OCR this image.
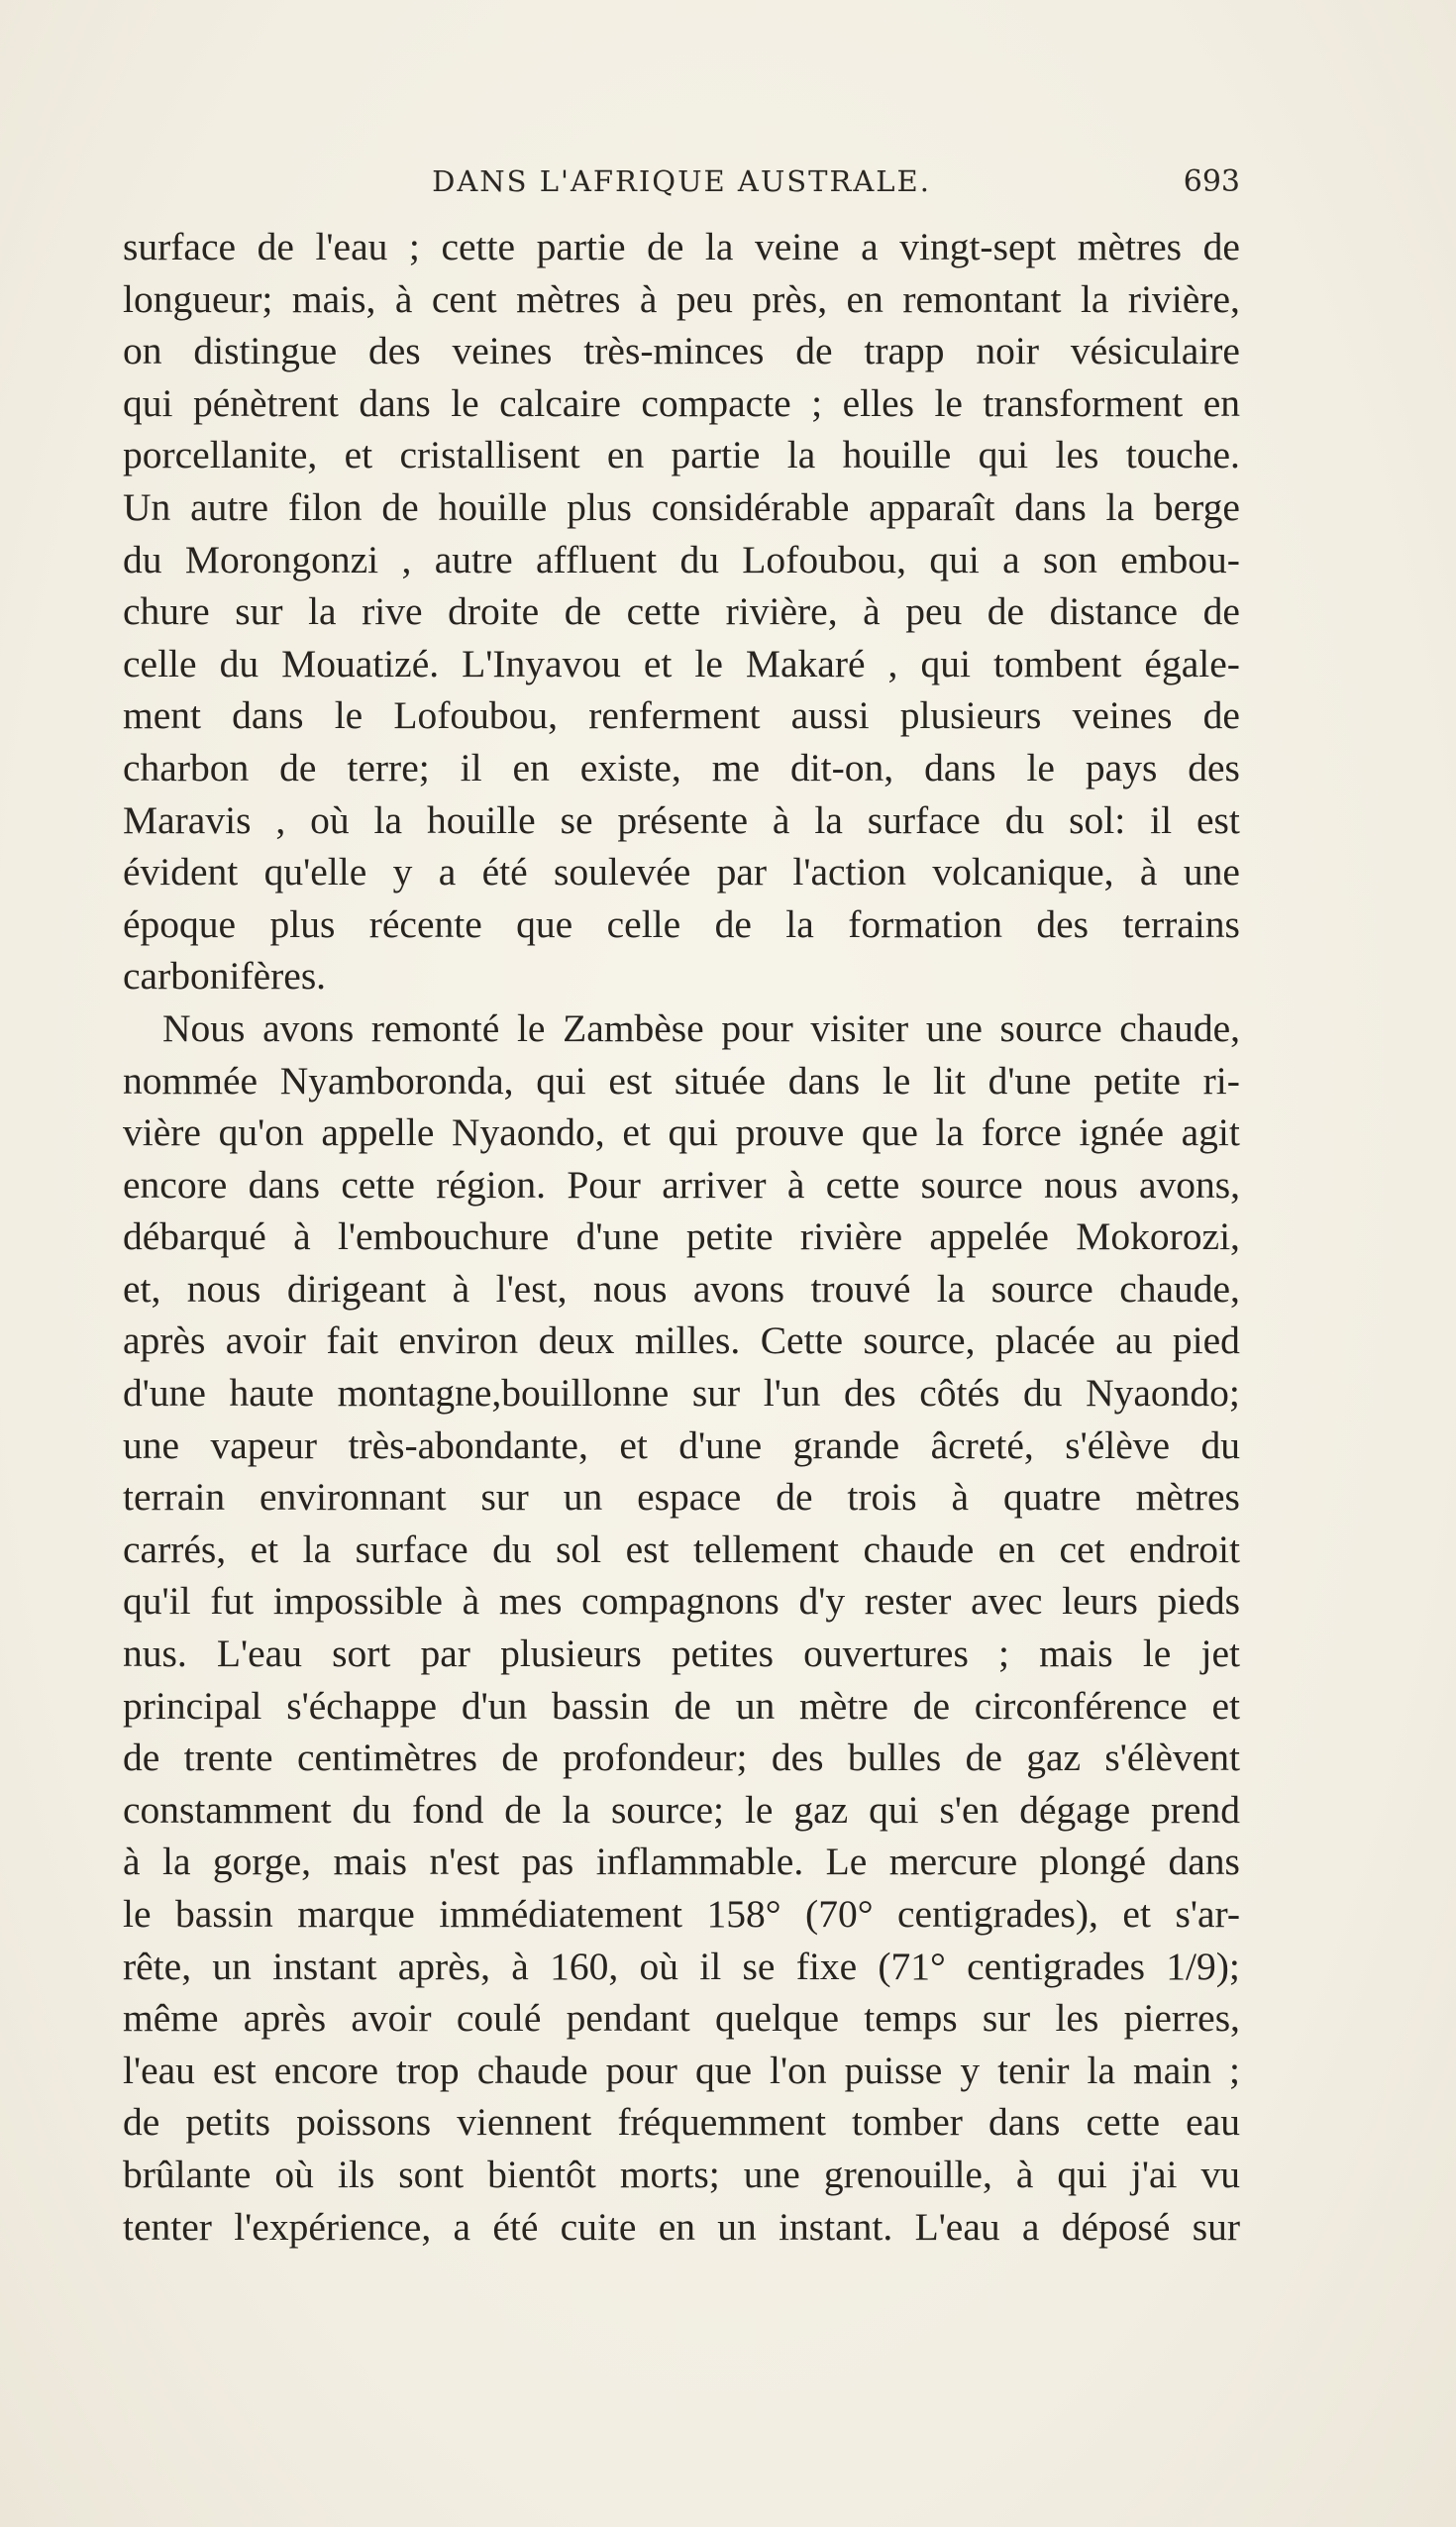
DANS L'AFRIQUE AUSTRALE.	693
surface de l'eau ; cette partie de la veine a vingt-sept mètres de
longueur; mais, à cent mètres à peu près, en remontant la rivière,
on distingue des veines très-minces de trapp noir vésiculaire
qui pénètrent dans le calcaire compacte ; elles le transforment en
porcellanite, et cristallisent en partie la houille qui les touche.
Un autre filon de houille plus considérable apparaît dans la berge
du Morongonzi , autre affluent du Lofoubou, qui a son embou-
chure sur la rive droite de cette rivière, à peu de distance de
celle du Mouatizé. L'Inyavou et le Makaré , qui tombent égale-
ment dans le Lofoubou, renferment aussi plusieurs veines de
charbon de terre; il en existe, me dit-on, dans le pays des
Maravis , où la houille se présente à la surface du sol: il est
évident qu'elle y a été soulevée par l'action volcanique, à une
époque plus récente que celle de la formation des terrains
carbonifères.
Nous avons remonté le Zambèse pour visiter une source chaude,
nommée Nyamboronda, qui est située dans le lit d'une petite ri-
vière qu'on appelle Nyaondo, et qui prouve que la force ignée agit
encore dans cette région. Pour arriver à cette source nous avons,
débarqué à l'embouchure d'une petite rivière appelée Mokorozi,
et, nous dirigeant à l'est, nous avons trouvé la source chaude,
après avoir fait environ deux milles. Cette source, placée au pied
d'une haute montagne,bouillonne sur l'un des côtés du Nyaondo;
une vapeur très-abondante, et d'une grande âcreté, s'élève du
terrain environnant sur un espace de trois à quatre mètres
carrés, et la surface du sol est tellement chaude en cet endroit
qu'il fut impossible à mes compagnons d'y rester avec leurs pieds
nus. L'eau sort par plusieurs petites ouvertures ; mais le jet
principal s'échappe d'un bassin de un mètre de circonférence et
de trente centimètres de profondeur; des bulles de gaz s'élèvent
constamment du fond de la source; le gaz qui s'en dégage prend
à la gorge, mais n'est pas inflammable. Le mercure plongé dans
le bassin marque immédiatement 158° (70° centigrades), et s'ar-
rête, un instant après, à 160, où il se fixe (71° centigrades 1/9);
même après avoir coulé pendant quelque temps sur les pierres,
l'eau est encore trop chaude pour que l'on puisse y tenir la main ;
de petits poissons viennent fréquemment tomber dans cette eau
brûlante où ils sont bientôt morts; une grenouille, à qui j'ai vu
tenter l'expérience, a été cuite en un instant. L'eau a déposé sur
